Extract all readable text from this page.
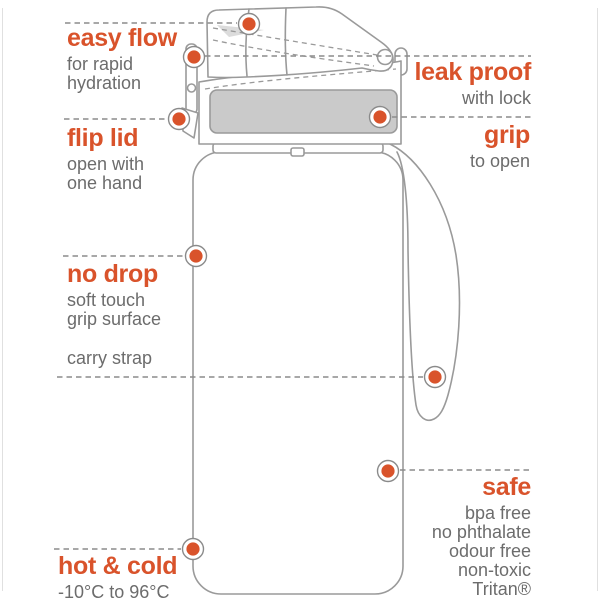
easy flow
for rapid
hydration	leak proof
with lock
flip lid
open with
one hand
grip
to open
no drop
soft touch
grip surface
carry strap
safe
bpa free
no phthalate
odour free
non-toxic
Tritan®
hot & cold
-10°C to 96°C
